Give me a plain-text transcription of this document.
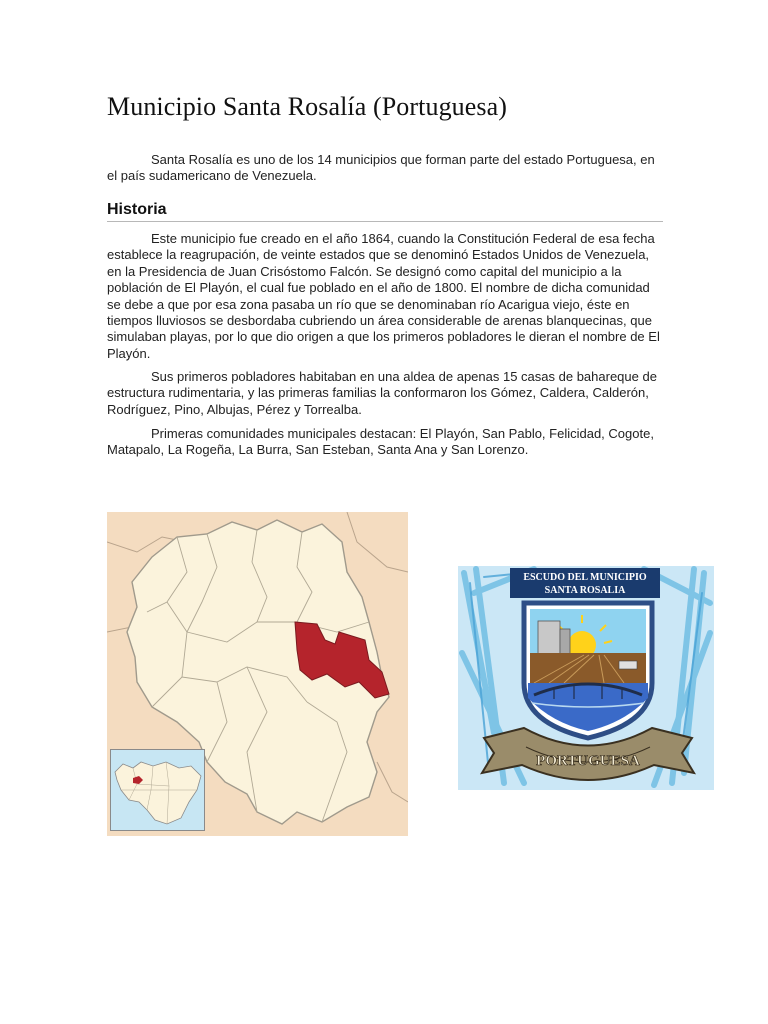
Municipio Santa Rosalía (Portuguesa)

Santa Rosalía es uno de los 14 municipios que forman parte del estado Portuguesa, en el país sudamericano de Venezuela.

Historia

Este municipio fue creado en el año 1864, cuando la Constitución Federal de esa fecha establece la reagrupación, de veinte estados que se denominó Estados Unidos de Venezuela, en la Presidencia de Juan Crisóstomo Falcón. Se designó como capital del municipio a la población de El Playón, el cual fue poblado en el año de 1800. El nombre de dicha comunidad se debe a que por esa zona pasaba un río que se denominaban río Acarigua viejo, éste en tiempos lluviosos se desbordaba cubriendo un área considerable de arenas blanquecinas, que simulaban playas, por lo que dio origen a que los primeros pobladores le dieran el nombre de El Playón.

Sus primeros pobladores habitaban en una aldea de apenas 15 casas de bahareque de estructura rudimentaria, y las primeras familias la conformaron los Gómez, Caldera, Calderón, Rodríguez, Pino, Albujas, Pérez y Torrealba.

Primeras comunidades municipales destacan: El Playón, San Pablo, Felicidad, Cogote, Matapalo, La Rogeña, La Burra, San Esteban, Santa Ana y San Lorenzo.

ESCUDO DEL MUNICIPIO
SANTA ROSALIA
PORTUGUESA
